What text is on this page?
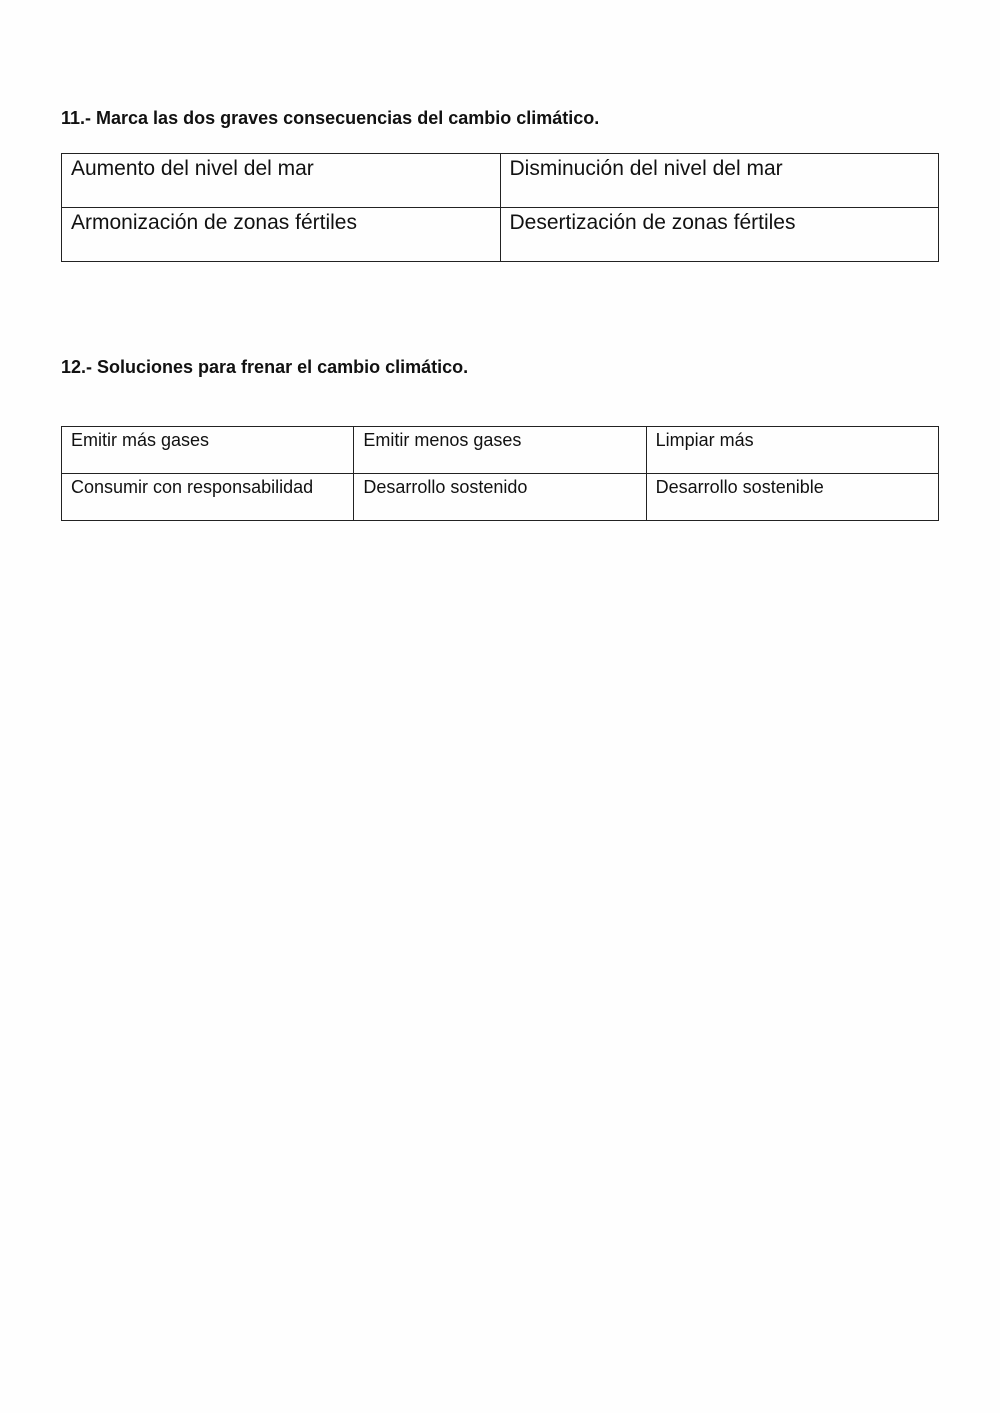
11.- Marca las dos graves consecuencias del cambio climático.
Aumento del nivel del mar	Disminución del nivel del mar
Armonización de zonas fértiles	Desertización de zonas fértiles
12.- Soluciones para frenar el cambio climático.
Emitir más gases	Emitir menos gases	Limpiar más
Consumir con responsabilidad	Desarrollo sostenido	Desarrollo sostenible
